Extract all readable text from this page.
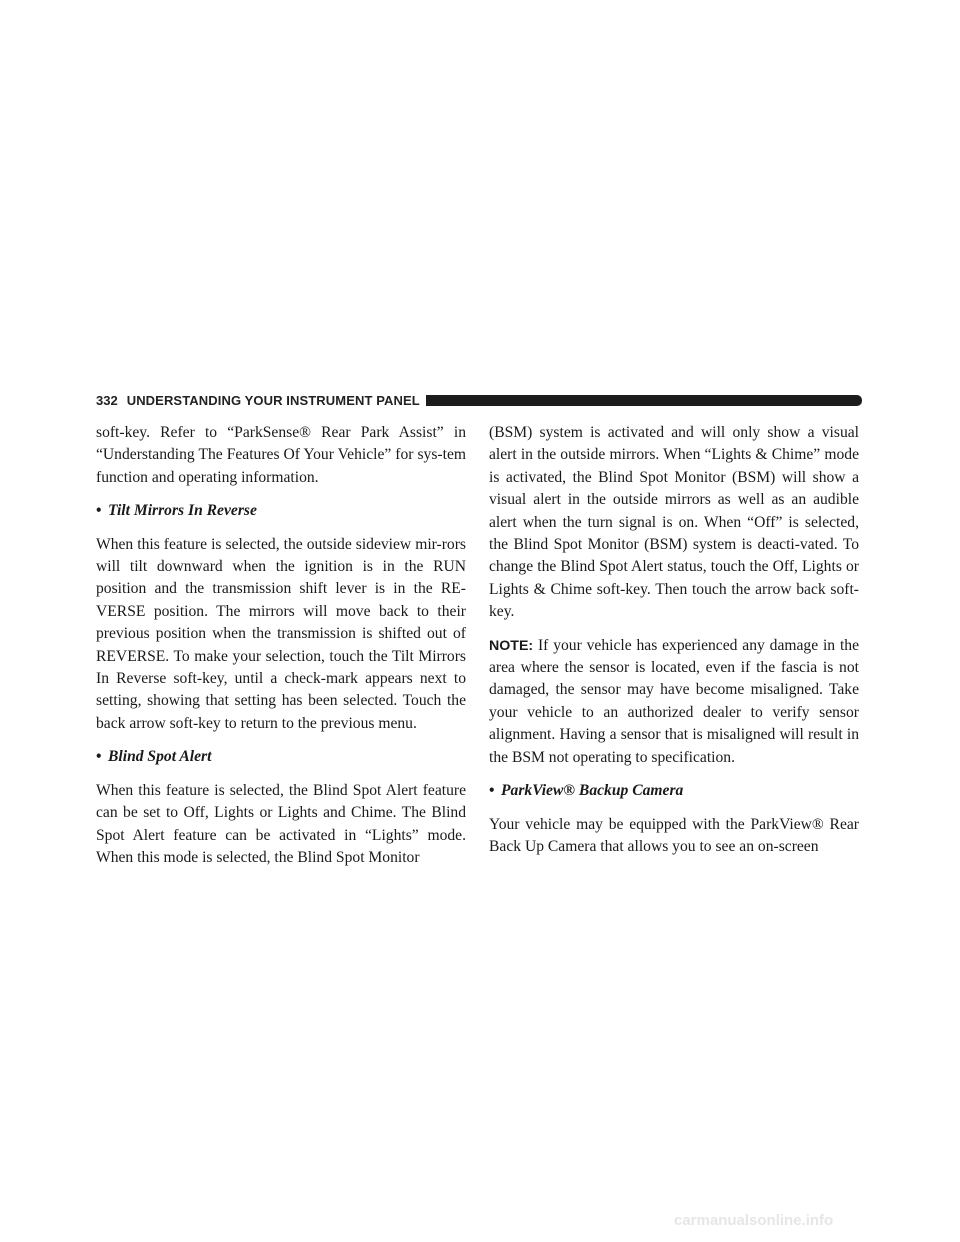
332 UNDERSTANDING YOUR INSTRUMENT PANEL

soft-key. Refer to “ParkSense® Rear Park Assist” in “Understanding The Features Of Your Vehicle” for sys-tem function and operating information.

• Tilt Mirrors In Reverse

When this feature is selected, the outside sideview mir-rors will tilt downward when the ignition is in the RUN position and the transmission shift lever is in the RE-VERSE position. The mirrors will move back to their previous position when the transmission is shifted out of REVERSE. To make your selection, touch the Tilt Mirrors In Reverse soft-key, until a check-mark appears next to setting, showing that setting has been selected. Touch the back arrow soft-key to return to the previous menu.

• Blind Spot Alert

When this feature is selected, the Blind Spot Alert feature can be set to Off, Lights or Lights and Chime. The Blind Spot Alert feature can be activated in “Lights” mode. When this mode is selected, the Blind Spot Monitor

(BSM) system is activated and will only show a visual alert in the outside mirrors. When “Lights & Chime” mode is activated, the Blind Spot Monitor (BSM) will show a visual alert in the outside mirrors as well as an audible alert when the turn signal is on. When “Off” is selected, the Blind Spot Monitor (BSM) system is deacti-vated. To change the Blind Spot Alert status, touch the Off, Lights or Lights & Chime soft-key. Then touch the arrow back soft-key.

NOTE: If your vehicle has experienced any damage in the area where the sensor is located, even if the fascia is not damaged, the sensor may have become misaligned. Take your vehicle to an authorized dealer to verify sensor alignment. Having a sensor that is misaligned will result in the BSM not operating to specification.

• ParkView® Backup Camera

Your vehicle may be equipped with the ParkView® Rear Back Up Camera that allows you to see an on-screen

carmanualsonline.info
